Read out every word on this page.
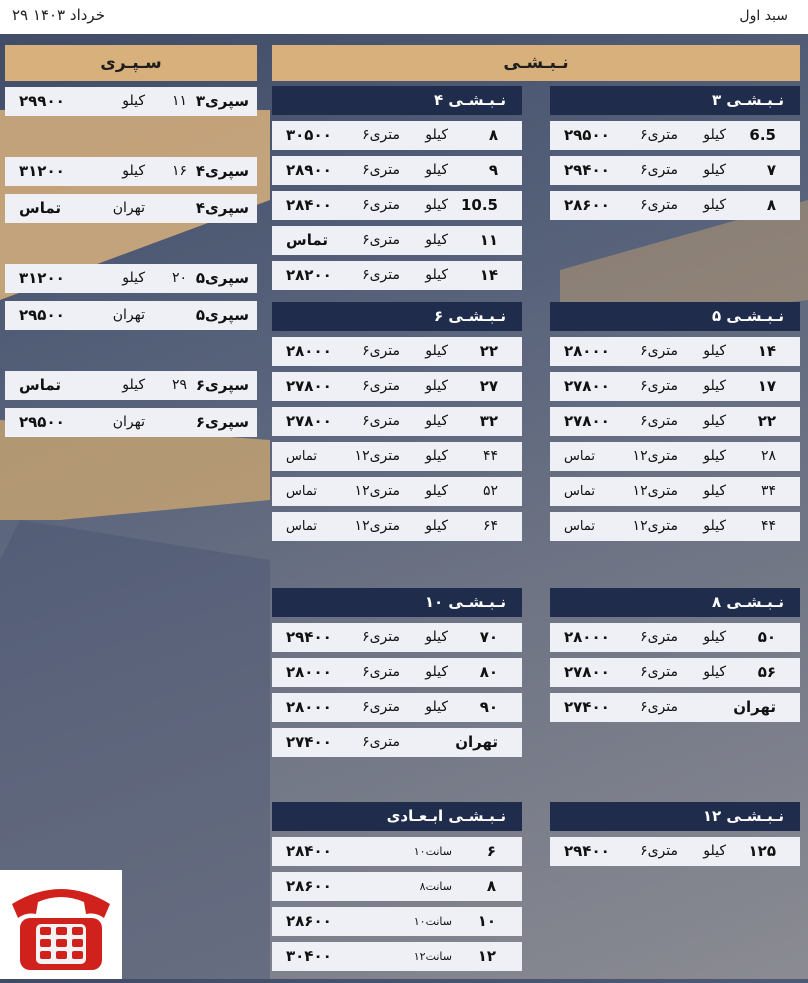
۲۹ خرداد ۱۴۰۳	سبد اول
سـپـری	نـبـشـی
سپری۳
۱۱
کیلو
۲۹۹۰۰
سپری۴
۱۶
کیلو
۳۱۲۰۰
سپری۴
تهران
تماس
سپری۵
۲۰
کیلو
۳۱۲۰۰
سپری۵
تهران
۲۹۵۰۰
سپری۶
۲۹
کیلو
تماس
سپری۶
تهران
۲۹۵۰۰
نـبـشـی ۳
6.5
کیلو
۶متری
۲۹۵۰۰
۷
کیلو
۶متری
۲۹۴۰۰
۸
کیلو
۶متری
۲۸۶۰۰
نـبـشـی ۴
۸
کیلو
۶متری
۳۰۵۰۰
۹
کیلو
۶متری
۲۸۹۰۰
10.5
کیلو
۶متری
۲۸۴۰۰
۱۱
کیلو
۶متری
تماس
۱۴
کیلو
۶متری
۲۸۲۰۰
نـبـشـی ۵
۱۴
کیلو
۶متری
۲۸۰۰۰
۱۷
کیلو
۶متری
۲۷۸۰۰
۲۲
کیلو
۶متری
۲۷۸۰۰
۲۸
کیلو
۱۲متری
تماس
۳۴
کیلو
۱۲متری
تماس
۴۴
کیلو
۱۲متری
تماس
نـبـشـی ۶
۲۲
کیلو
۶متری
۲۸۰۰۰
۲۷
کیلو
۶متری
۲۷۸۰۰
۳۲
کیلو
۶متری
۲۷۸۰۰
۴۴
کیلو
۱۲متری
تماس
۵۲
کیلو
۱۲متری
تماس
۶۴
کیلو
۱۲متری
تماس
نـبـشـی ۸
۵۰
کیلو
۶متری
۲۸۰۰۰
۵۶
کیلو
۶متری
۲۷۸۰۰
تهران
۶متری
۲۷۴۰۰
نـبـشـی ۱۰
۷۰
کیلو
۶متری
۲۹۴۰۰
۸۰
کیلو
۶متری
۲۸۰۰۰
۹۰
کیلو
۶متری
۲۸۰۰۰
تهران
۶متری
۲۷۴۰۰
نـبـشـی ۱۲
۱۲۵
کیلو
۶متری
۲۹۴۰۰
نـبـشـی ابـعـادی
۶
۱۰سانت
۲۸۴۰۰
۸
۸سانت
۲۸۶۰۰
۱۰
۱۰سانت
۲۸۶۰۰
۱۲
۱۲سانت
۳۰۴۰۰
